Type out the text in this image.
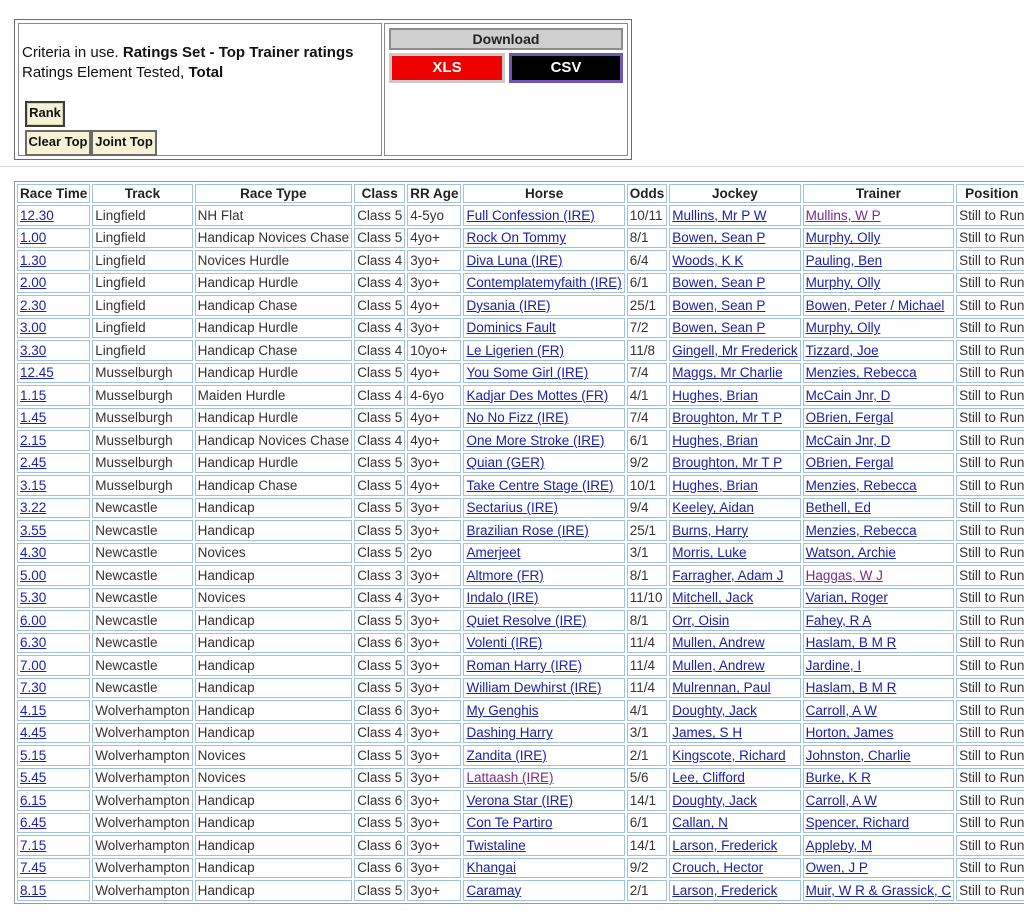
Criteria in use. Ratings Set - Top Trainer ratings
Ratings Element Tested, Total
Rank
Clear Top Joint Top
Download
XLS	CSV
Race Time	Track	Race Type	Class	RR Age	Horse	Odds	Jockey	Trainer	Position
12.30	Lingfield	NH Flat	Class 5	4-5yo	Full Confession (IRE)	10/11	Mullins, Mr P W	Mullins, W P	Still to Run
1.00	Lingfield	Handicap Novices Chase	Class 5	4yo+	Rock On Tommy	8/1	Bowen, Sean P	Murphy, Olly	Still to Run
1.30	Lingfield	Novices Hurdle	Class 4	3yo+	Diva Luna (IRE)	6/4	Woods, K K	Pauling, Ben	Still to Run
2.00	Lingfield	Handicap Hurdle	Class 4	3yo+	Contemplatemyfaith (IRE)	6/1	Bowen, Sean P	Murphy, Olly	Still to Run
2.30	Lingfield	Handicap Chase	Class 5	4yo+	Dysania (IRE)	25/1	Bowen, Sean P	Bowen, Peter / Michael	Still to Run
3.00	Lingfield	Handicap Hurdle	Class 4	3yo+	Dominics Fault	7/2	Bowen, Sean P	Murphy, Olly	Still to Run
3.30	Lingfield	Handicap Chase	Class 4	10yo+	Le Ligerien (FR)	11/8	Gingell, Mr Frederick	Tizzard, Joe	Still to Run
12.45	Musselburgh	Handicap Hurdle	Class 5	4yo+	You Some Girl (IRE)	7/4	Maggs, Mr Charlie	Menzies, Rebecca	Still to Run
1.15	Musselburgh	Maiden Hurdle	Class 4	4-6yo	Kadjar Des Mottes (FR)	4/1	Hughes, Brian	McCain Jnr, D	Still to Run
1.45	Musselburgh	Handicap Hurdle	Class 5	4yo+	No No Fizz (IRE)	7/4	Broughton, Mr T P	OBrien, Fergal	Still to Run
2.15	Musselburgh	Handicap Novices Chase	Class 4	4yo+	One More Stroke (IRE)	6/1	Hughes, Brian	McCain Jnr, D	Still to Run
2.45	Musselburgh	Handicap Hurdle	Class 5	3yo+	Quian (GER)	9/2	Broughton, Mr T P	OBrien, Fergal	Still to Run
3.15	Musselburgh	Handicap Chase	Class 5	4yo+	Take Centre Stage (IRE)	10/1	Hughes, Brian	Menzies, Rebecca	Still to Run
3.22	Newcastle	Handicap	Class 5	3yo+	Sectarius (IRE)	9/4	Keeley, Aidan	Bethell, Ed	Still to Run
3.55	Newcastle	Handicap	Class 5	3yo+	Brazilian Rose (IRE)	25/1	Burns, Harry	Menzies, Rebecca	Still to Run
4.30	Newcastle	Novices	Class 5	2yo	Amerjeet	3/1	Morris, Luke	Watson, Archie	Still to Run
5.00	Newcastle	Handicap	Class 3	3yo+	Altmore (FR)	8/1	Farragher, Adam J	Haggas, W J	Still to Run
5.30	Newcastle	Novices	Class 4	3yo+	Indalo (IRE)	11/10	Mitchell, Jack	Varian, Roger	Still to Run
6.00	Newcastle	Handicap	Class 5	3yo+	Quiet Resolve (IRE)	8/1	Orr, Oisin	Fahey, R A	Still to Run
6.30	Newcastle	Handicap	Class 6	3yo+	Volenti (IRE)	11/4	Mullen, Andrew	Haslam, B M R	Still to Run
7.00	Newcastle	Handicap	Class 5	3yo+	Roman Harry (IRE)	11/4	Mullen, Andrew	Jardine, I	Still to Run
7.30	Newcastle	Handicap	Class 5	3yo+	William Dewhirst (IRE)	11/4	Mulrennan, Paul	Haslam, B M R	Still to Run
4.15	Wolverhampton	Handicap	Class 6	3yo+	My Genghis	4/1	Doughty, Jack	Carroll, A W	Still to Run
4.45	Wolverhampton	Handicap	Class 4	3yo+	Dashing Harry	3/1	James, S H	Horton, James	Still to Run
5.15	Wolverhampton	Novices	Class 5	3yo+	Zandita (IRE)	2/1	Kingscote, Richard	Johnston, Charlie	Still to Run
5.45	Wolverhampton	Novices	Class 5	3yo+	Lattaash (IRE)	5/6	Lee, Clifford	Burke, K R	Still to Run
6.15	Wolverhampton	Handicap	Class 6	3yo+	Verona Star (IRE)	14/1	Doughty, Jack	Carroll, A W	Still to Run
6.45	Wolverhampton	Handicap	Class 5	3yo+	Con Te Partiro	6/1	Callan, N	Spencer, Richard	Still to Run
7.15	Wolverhampton	Handicap	Class 6	3yo+	Twistaline	14/1	Larson, Frederick	Appleby, M	Still to Run
7.45	Wolverhampton	Handicap	Class 6	3yo+	Khangai	9/2	Crouch, Hector	Owen, J P	Still to Run
8.15	Wolverhampton	Handicap	Class 5	3yo+	Caramay	2/1	Larson, Frederick	Muir, W R & Grassick, C	Still to Run
